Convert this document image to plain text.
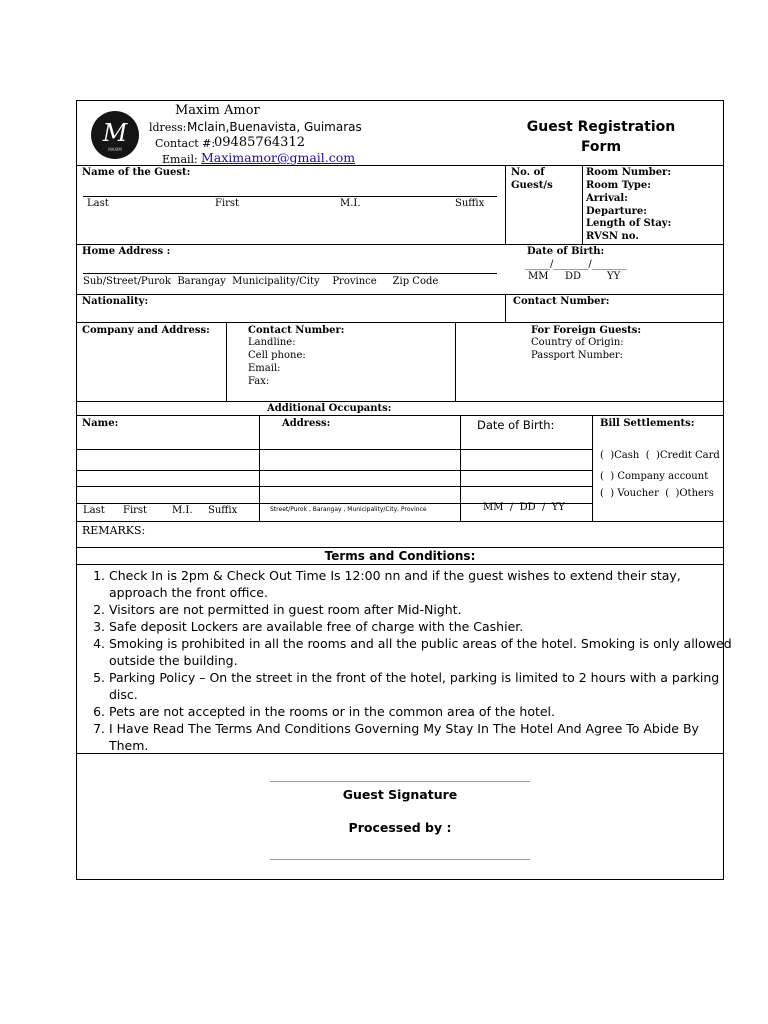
M
MAXIM
Maxim Amor
ldress: Mclain,Buenavista, Guimaras
Contact #:
09485764312
Email: Maximamor@gmail.com
Guest Registration
Form
Name of the Guest:
Last	First	M.I.	Suffix
No. of
Guest/s
Room Number:
Room Type:
Arrival:
Departure:
Length of Stay:
RVSN no.
Home Address :
Sub/Street/Purok  Barangay  Municipality/City    Province     Zip Code
Date of Birth:
_____/_______/_______
MM DD	YY
Nationality:	Contact Number:
Company and Address:	Contact Number:
Landline:
Cell phone:
Email:
Fax:
For Foreign Guests:
Country of Origin:
Passport Number:
Additional Occupants:
Name:	Address:	Date of Birth:	Bill Settlements:
(  )Cash  (  )Credit Card
(  ) Company account
(  ) Voucher  (  )Others
Last First M.I. Suffix	Street/Purok , Barangay , Municipality/City, Province	MM  /  DD  /  YY
REMARKS:
Terms and Conditions:
1. Check In is 2pm & Check Out Time Is 12:00 nn and if the guest wishes to extend their stay, approach the front office.
2. Visitors are not permitted in guest room after Mid-Night.
3. Safe deposit Lockers are available free of charge with the Cashier.
4. Smoking is prohibited in all the rooms and all the public areas of the hotel. Smoking is only allowed outside the building.
5. Parking Policy – On the street in the front of the hotel, parking is limited to 2 hours with a parking disc.
6. Pets are not accepted in the rooms or in the common area of the hotel.
7. I Have Read The Terms And Conditions Governing My Stay In The Hotel And Agree To Abide By Them.
____________________________________________________
Guest Signature
Processed by :
____________________________________________________
